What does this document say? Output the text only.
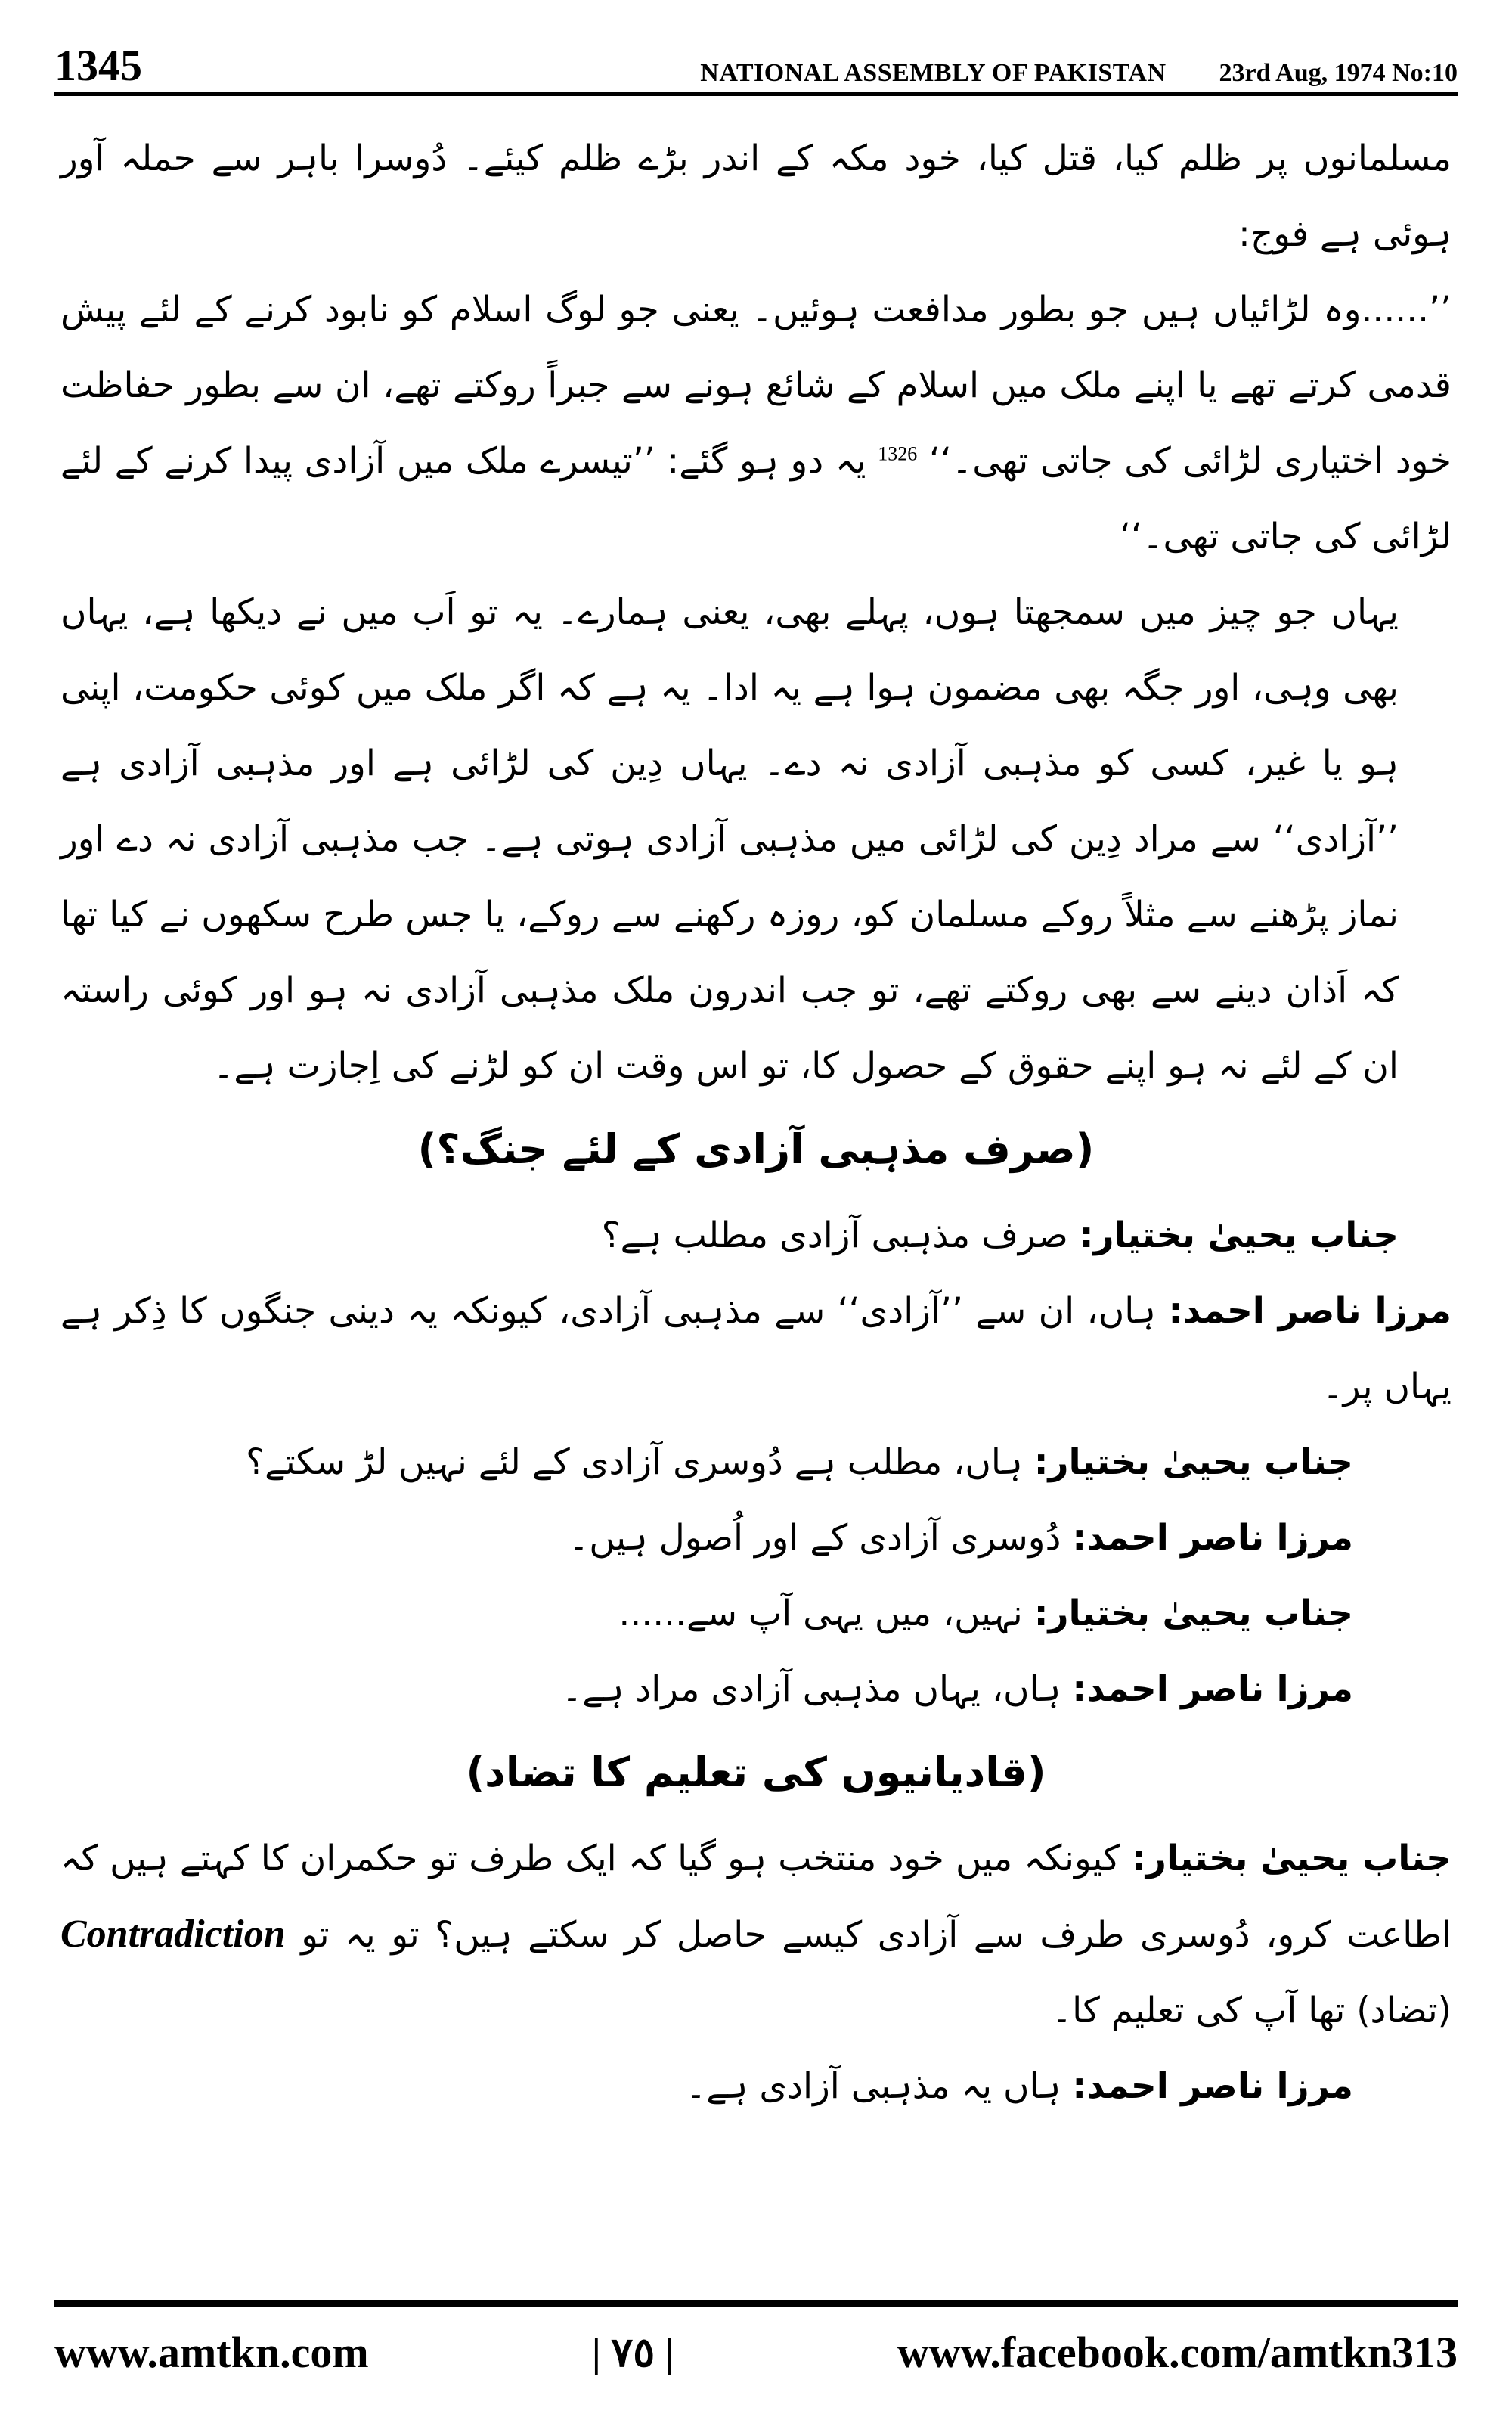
1345	NATIONAL ASSEMBLY OF PAKISTAN 23rd Aug, 1974 No:10

مسلمانوں پر ظلم کیا، قتل کیا، خود مکہ کے اندر بڑے ظلم کیئے۔ دُوسرا باہر سے حملہ آور ہوئی ہے فوج:

’’......وہ لڑائیاں ہیں جو بطور مدافعت ہوئیں۔ یعنی جو لوگ اسلام کو نابود کرنے کے لئے پیش قدمی کرتے تھے یا اپنے ملک میں اسلام کے شائع ہونے سے جبراً روکتے تھے، ان سے بطور حفاظت خود اختیاری لڑائی کی جاتی تھی۔‘‘ $^{1326}$ یہ دو ہو گئے: ’’تیسرے ملک میں آزادی پیدا کرنے کے لئے لڑائی کی جاتی تھی۔‘‘

یہاں جو چیز میں سمجھتا ہوں، پہلے بھی، یعنی ہمارے۔ یہ تو اَب میں نے دیکھا ہے، یہاں بھی وہی، اور جگہ بھی مضمون ہوا ہے یہ ادا۔ یہ ہے کہ اگر ملک میں کوئی حکومت، اپنی ہو یا غیر، کسی کو مذہبی آزادی نہ دے۔ یہاں دِین کی لڑائی ہے اور مذہبی آزادی ہے ’’آزادی‘‘ سے مراد دِین کی لڑائی میں مذہبی آزادی ہوتی ہے۔ جب مذہبی آزادی نہ دے اور نماز پڑھنے سے مثلاً روکے مسلمان کو، روزہ رکھنے سے روکے، یا جس طرح سکھوں نے کیا تھا کہ اَذان دینے سے بھی روکتے تھے، تو جب اندرون ملک مذہبی آزادی نہ ہو اور کوئی راستہ ان کے لئے نہ ہو اپنے حقوق کے حصول کا، تو اس وقت ان کو لڑنے کی اِجازت ہے۔

(صرف مذہبی آزادی کے لئے جنگ؟)

جناب یحییٰ بختیار: صرف مذہبی آزادی مطلب ہے؟

مرزا ناصر احمد: ہاں، ان سے ’’آزادی‘‘ سے مذہبی آزادی، کیونکہ یہ دینی جنگوں کا ذِکر ہے یہاں پر۔

جناب یحییٰ بختیار: ہاں، مطلب ہے دُوسری آزادی کے لئے نہیں لڑ سکتے؟

مرزا ناصر احمد: دُوسری آزادی کے اور اُصول ہیں۔

جناب یحییٰ بختیار: نہیں، میں یہی آپ سے......

مرزا ناصر احمد: ہاں، یہاں مذہبی آزادی مراد ہے۔

(قادیانیوں کی تعلیم کا تضاد)

جناب یحییٰ بختیار: کیونکہ میں خود منتخب ہو گیا کہ ایک طرف تو حکمران کا کہتے ہیں کہ اطاعت کرو، دُوسری طرف سے آزادی کیسے حاصل کر سکتے ہیں؟ تو یہ تو Contradiction (تضاد) تھا آپ کی تعلیم کا۔

مرزا ناصر احمد: ہاں یہ مذہبی آزادی ہے۔

www.amtkn.com	| ٧٥ |	www.facebook.com/amtkn313
